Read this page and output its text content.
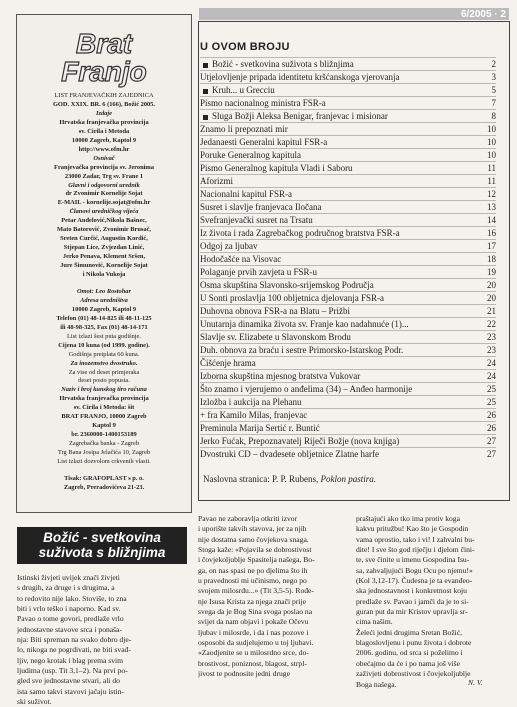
Brat
Franjo
LIST FRANJEVAČKIH ZAJEDNICA
GOD. XXIX. BR. 6 (166), Božić 2005.
Izdaje
Hrvatska franjevačka provincija
sv. Ćirila i Metoda
10000 Zagreb, Kaptol 9
http://www.ofm.hr
Osnivač
Franjevačka provincija sv. Jeronima
23000 Zadar, Trg sv. Frane 1
Glavni i odgovorni urednik
dr Zvonimir Kornelije Sojat
E-MAIL - kornelije.sojat@ofm.hr
Članovi uredničkog vijeća
Petar Anđelović,Nikola Bašnec,
Mato Batorović, Zvonimir Brusač,
Sreten Ćurčić, Augustin Kordić,
Stjepan Lice, Zvjezdan Linić,
Jerko Penava, Klement Sršen,
Jure Šimunović, Kornelije Sojat
i Nikola Vukoja
Omot: Leo Rostohar
Adresa uredništva
10000 Zagreb, Kaptol 9
Telefon (01) 48-14-825 ili 48-11-125
ili 48-98-325, Fax (01) 48-14-171
List izlazi šest puta godišnje.
Cijena 10 kuna (od 1999. godine).
Godišnja pretplata 60 kuna.
Za inozemstvo dvostruko.
Za vise od deset primjeraka
deset posto popusta.
Naziv i broj kunskog tiro računa
Hrvatska franjevačka provincija
sv. Ćirila i Metoda: šit
BRAT FRANJO, 10000 Zagreb
Kaptol 9
br. 2360000-1400153189
Zagrebačka banka - Zagreb
Trg Bana Josipa Jelačića 10, Zagreb
List izlazi dozvolom crkvenih vlasti.
Tisak: GRAFOPLAST s p. o.
Zagreb, Preradovićeva 21-23.
Božić - svetkovina
suživota s bližnjima

Istinski živjeti uvijek znači živjeti

s drugih, za druge i s drugima, a

to redovito nije lako. Stoviše, to zna

biti i vrlo teško i naporno. Kad sv.

Pavao o tome govori, predlaže vrlo

jednostavne stavove srca i ponaša-

nja: Biti spreman na svako dobro dje-

lo, nikoga ne pogrdivati, ne biti svađ-

ljiv, nego krotak i blag prema svim

ljudima (usp. Tit 3,1–2). Na prvi po-

gled sve jednostavne stvari, ali do

ista samo takvi stavovi jačaju istin-

ski suživot.

Pavao ne zaboravlja otkriti izvor

i uporište takvih stavova, jer za njih

nije dostatna samo čovjekova snaga.

Stoga kaže: «Pojavila se dobrostivost

i čovjekoljublje Spasitelja našega, Bo-

ga, on nas spasi ne po djelima što ih

u pravednosti mi učinismo, nego po

svojem milosrđu...» (Tit 3,5-5). Rođe-

nje Isusa Krista za njega znači prije

svega da je Bog Sina svoga poslao na

svijet da nam objavi i pokaže Očevu

ljubav i milosrđe, i da i nas pozove i

osposobi da sudjelujemo u toj ljubavi.

«Zaodjenite se u milosrdno srce, do-

brostivost, poniznost, blagost, strpl-

jivost te podnosite jedni druge

praštajući ako tko ima protiv koga

kakvu pritužbu! Kao što je Gospodin

vama oprostio, tako i vi! I zahvalni bu-

dite! I sve što god riječju i djelom čini-

te, sve činite u imenu Gospodina Isu-

sa, zahvaljujući Bogu Ocu po njemu!»

(Kol 3,12-17). Čudesna je ta evanđeo-

ska jednostavnost i konkretnost koju

predlaže sv. Pavao i jamči da je to si-

guran put da mir Kristov upravlja sr-

cima našim.

Želeći jedni drugima Sretan Božić,

blagoslovljenu i punu života i dobrote

2006. godinu, od srca si poželimo i

obećajmo da će i po nama još više

zaživjeti dobrostivost i čovjekoljublje

Boga našega.	N. V.
6/2005 · 2
U OVOM BROJU
Božić - svetkovina suživota s bližnjima	2
Utjelovljenje pripada identitetu kršćanskoga vjerovanja	3
Kruh... u Grecciu	5
Pismo nacionalnog ministra FSR-a	7
Sluga Božji Aleksa Benigar, franjevac i misionar	8
Znamo li prepoznati mir	10
Jedanaesti Generalni kapitul FSR-a	10
Poruke Generalnog kapitula	10
Pismo Generalnog kapitula Vladi i Saboru	11
Aforizmi	11
Nacionalni kapitul FSR-a	12
Susret i slavlje franjevaca Iločana	13
Svefranjevački susret na Trsatu	14
Iz života i rada Zagrebačkog područnog bratstva FSR-a	16
Odgoj za ljubav	17
Hodočašće na Visovac	18
Polaganje prvih zavjeta u FSR-u	19
Osma skupština Slavonsko-srijemskog Područja	20
U Sonti proslavlja 100 obljetnica djelovanja FSR-a	20
Duhovna obnova FSR-a na Blatu – Prižbi	21
Unutarnja dinamika života sv. Franje kao nadahnuće (1)...	22
Slavlje sv. Elizabete u Slavonskom Brodu	23
Duh. obnova za braću i sestre Primorsko-Istarskog Podr.	23
Čišćenje hrama	24
Izborna skupština mjesnog bratstva Vukovar	24
Što znamo i vjerujemo o anđelima (34) – Anđeo harmonije	25
Izložba i aukcija na Plehanu	25
+ fra Kamilo Milas, franjevac	26
Preminula Marija Sertić r. Buntić	26
Jerko Fućak, Prepoznavatelj Riječi Božje (nova knjiga)	27
Dvostruki CD – dvadesete obljetnice Zlatne harfe	27
Naslovna stranica: P. P. Rubens, Poklon pastira.
